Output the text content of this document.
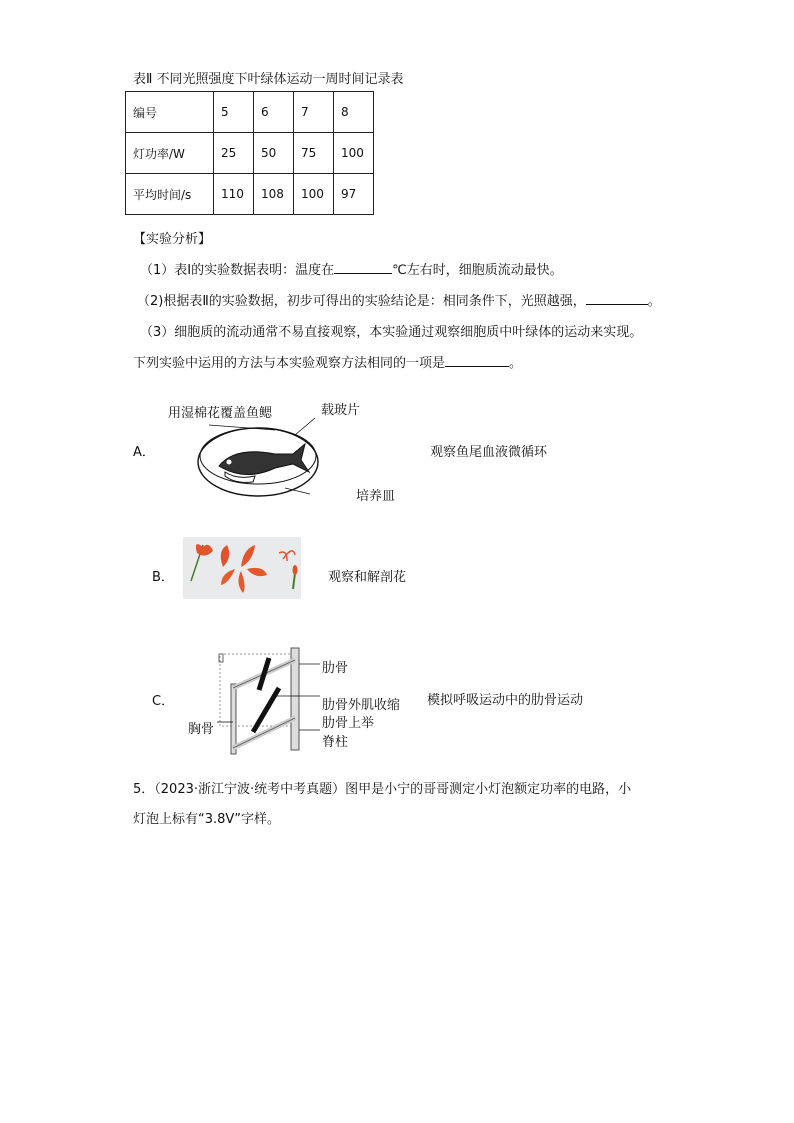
表Ⅱ 不同光照强度下叶绿体运动一周时间记录表
编号	5	6	7	8
灯功率/W	25	50	75	100
平均时间/s	110	108	100	97
【实验分析】
（1）表Ⅰ的实验数据表明：温度在	℃左右时，细胞质流动最快。
（2)根据表Ⅱ的实验数据，初步可得出的实验结论是：相同条件下，光照越强，	。
（3）细胞质的流动通常不易直接观察，本实验通过观察细胞质中叶绿体的运动来实现。
下列实验中运用的方法与本实验观察方法相同的一项是	。
A．
用湿棉花覆盖鱼鳃	载玻片
培养皿
观察鱼尾血液微循环
B．	观察和解剖花
C．
肋骨
肋骨外肌收缩
肋骨上举
脊柱
胸骨
模拟呼吸运动中的肋骨运动
5．（2023·浙江宁波·统考中考真题）图甲是小宁的哥哥测定小灯泡额定功率的电路，小
灯泡上标有“3.8V”字样。
